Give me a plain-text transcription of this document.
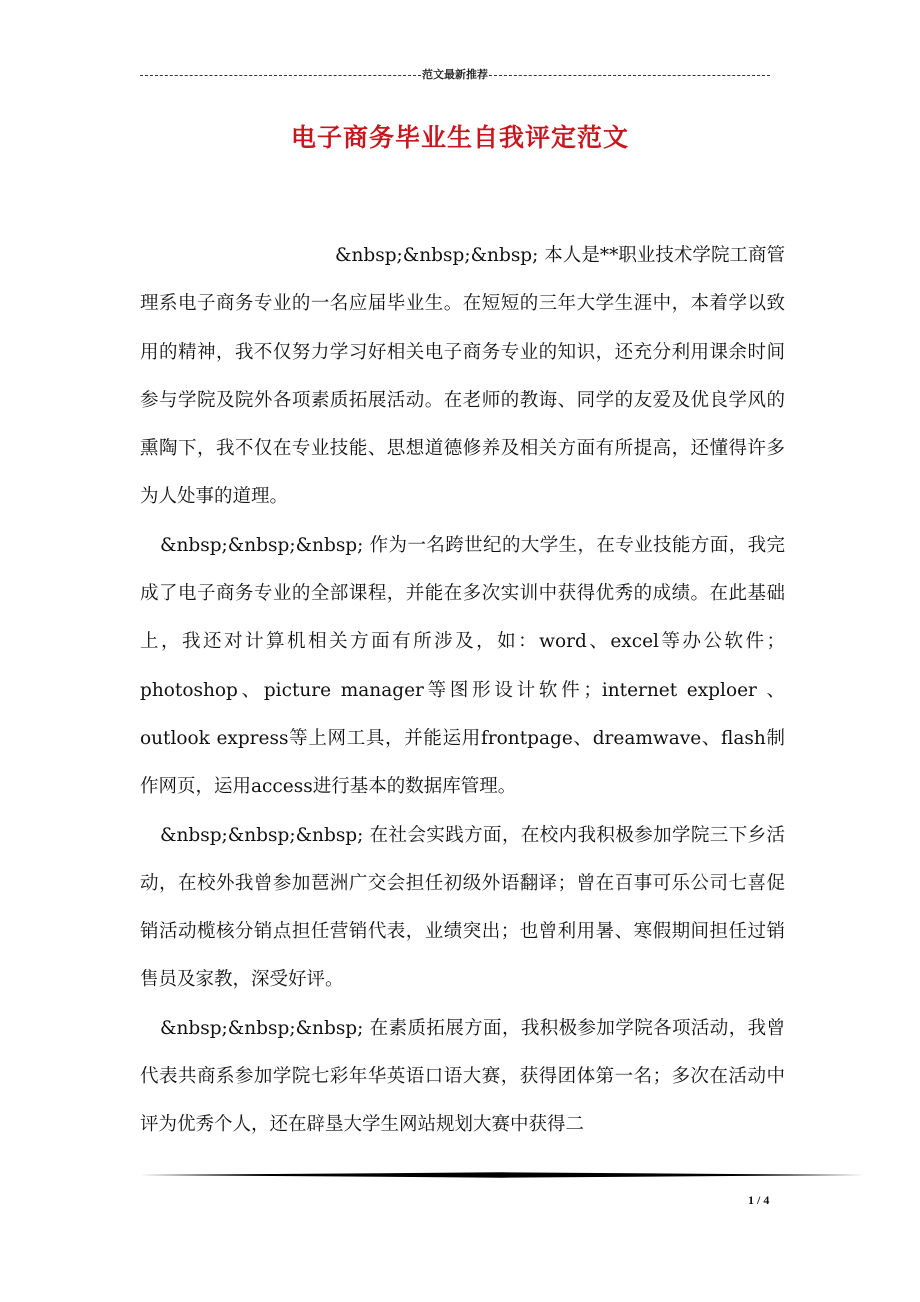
范文最新推荐
电子商务毕业生自我评定范文

&nbsp;&nbsp;&nbsp; 本人是**职业技术学院工商管理系电子商务专业的一名应届毕业生。在短短的三年大学生涯中，本着学以致用的精神，我不仅努力学习好相关电子商务专业的知识，还充分利用课余时间参与学院及院外各项素质拓展活动。在老师的教诲、同学的友爱及优良学风的熏陶下，我不仅在专业技能、思想道德修养及相关方面有所提高，还懂得许多为人处事的道理。

&nbsp;&nbsp;&nbsp; 作为一名跨世纪的大学生，在专业技能方面，我完成了电子商务专业的全部课程，并能在多次实训中获得优秀的成绩。在此基础上，我还对计算机相关方面有所涉及，如：word、excel等办公软件；photoshop、picture manager等图形设计软件；internet exploer 、outlook express等上网工具，并能运用frontpage、dreamwave、flash制作网页，运用access进行基本的数据库管理。

&nbsp;&nbsp;&nbsp; 在社会实践方面，在校内我积极参加学院三下乡活动，在校外我曾参加琶洲广交会担任初级外语翻译；曾在百事可乐公司七喜促销活动榄核分销点担任营销代表，业绩突出；也曾利用暑、寒假期间担任过销售员及家教，深受好评。

&nbsp;&nbsp;&nbsp; 在素质拓展方面，我积极参加学院各项活动，我曾代表共商系参加学院七彩年华英语口语大赛，获得团体第一名；多次在活动中评为优秀个人，还在辟垦大学生网站规划大赛中获得二

1 / 4
